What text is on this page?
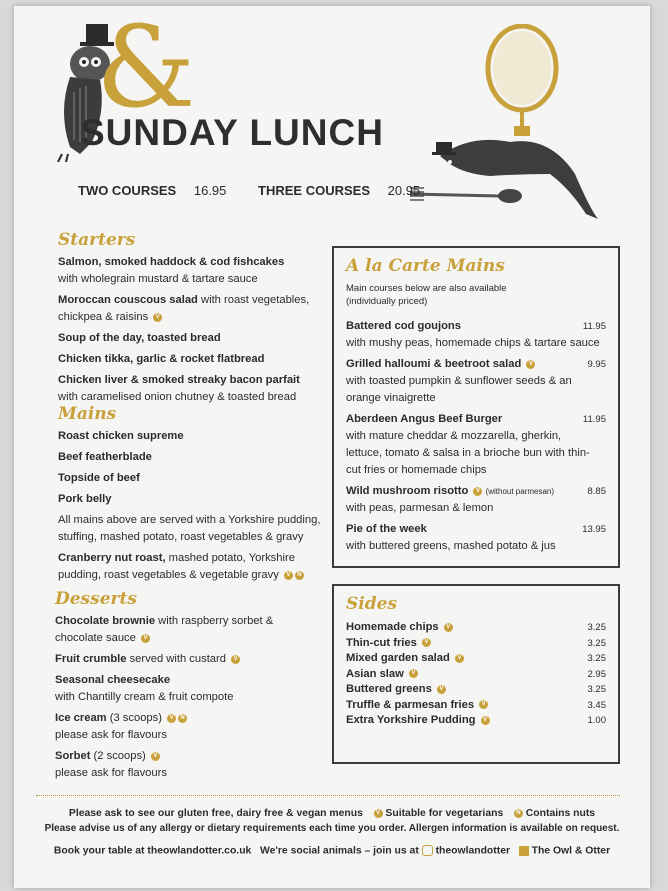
&
SUNDAY LUNCH
TWO COURSES 16.95 THREE COURSES 20.95
Starters
Salmon, smoked haddock & cod fishcakes
with wholegrain mustard & tartare sauce
Moroccan couscous salad with roast vegetables,
chickpea & raisins V
Soup of the day, toasted bread
Chicken tikka, garlic & rocket flatbread
Chicken liver & smoked streaky bacon parfait
with caramelised onion chutney & toasted bread
Mains
Roast chicken supreme
Beef featherblade
Topside of beef
Pork belly
All mains above are served with a Yorkshire pudding,
stuffing, mashed potato, roast vegetables & gravy
Cranberry nut roast, mashed potato, Yorkshire
pudding, roast vegetables & vegetable gravy V N
Desserts
Chocolate brownie with raspberry sorbet &
chocolate sauce V
Fruit crumble served with custard V
Seasonal cheesecake
with Chantilly cream & fruit compote
Ice cream (3 scoops) V N
please ask for flavours
Sorbet (2 scoops) V
please ask for flavours
A la Carte Mains
Main courses below are also available
(individually priced)
Battered cod goujons	11.95
with mushy peas, homemade chips & tartare sauce
Grilled halloumi & beetroot salad V	9.95
with toasted pumpkin & sunflower seeds & an
orange vinaigrette
Aberdeen Angus Beef Burger	11.95
with mature cheddar & mozzarella, gherkin,
lettuce, tomato & salsa in a brioche bun with thin-
cut fries or homemade chips
Wild mushroom risotto V (without parmesan)	8.85
with peas, parmesan & lemon
Pie of the week	13.95
with buttered greens, mashed potato & jus
Sides
Homemade chips V	3.25
Thin-cut fries V	3.25
Mixed garden salad V	3.25
Asian slaw V	2.95
Buttered greens V	3.25
Truffle & parmesan fries V	3.45
Extra Yorkshire Pudding V	1.00
Please ask to see our gluten free, dairy free & vegan menus V Suitable for vegetarians N Contains nuts
Please advise us of any allergy or dietary requirements each time you order. Allergen information is available on request.
Book your table at theowlandotter.co.uk We're social animals – join us at theowlandotter The Owl & Otter
